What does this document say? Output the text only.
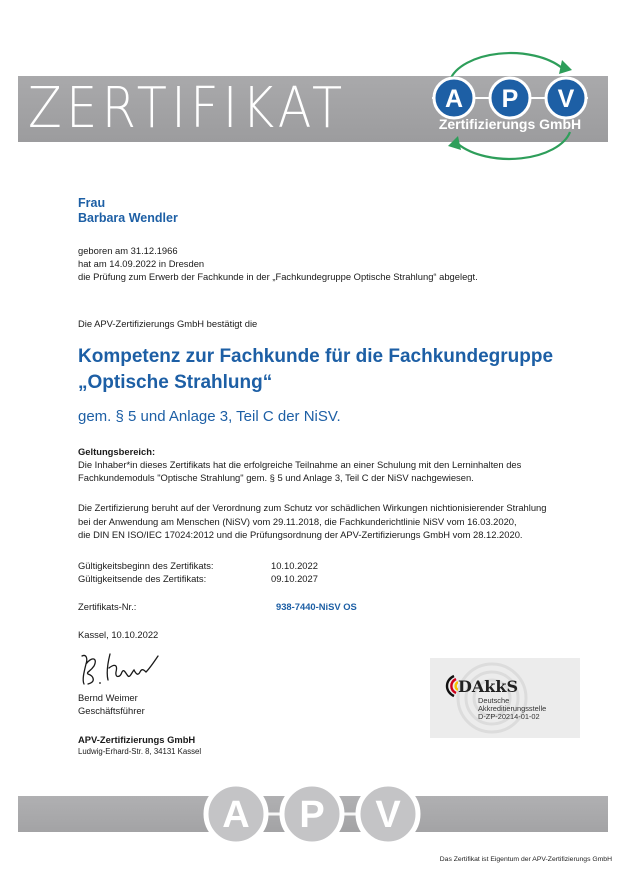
ZERTIFIKAT	A P V
Zertifizierungs GmbH
Frau
Barbara Wendler
geboren am 31.12.1966
hat am 14.09.2022 in Dresden
die Prüfung zum Erwerb der Fachkunde in der „Fachkundegruppe Optische Strahlung“ abgelegt.
Die APV-Zertifizierungs GmbH bestätigt die
Kompetenz zur Fachkunde für die Fachkundegruppe
„Optische Strahlung“
gem. § 5 und Anlage 3, Teil C der NiSV.
Geltungsbereich:
Die Inhaber*in dieses Zertifikats hat die erfolgreiche Teilnahme an einer Schulung mit den Lerninhalten des
Fachkundemoduls "Optische Strahlung" gem. § 5 und Anlage 3, Teil C der NiSV nachgewiesen.
Die Zertifizierung beruht auf der Verordnung zum Schutz vor schädlichen Wirkungen nichtionisierender Strahlung
bei der Anwendung am Menschen (NiSV) vom 29.11.2018, die Fachkunderichtlinie NiSV vom 16.03.2020,
die DIN EN ISO/IEC 17024:2012 und die Prüfungsordnung der APV-Zertifizierungs GmbH vom 28.12.2020.
Gültigkeitsbeginn des Zertifikats:	10.10.2022
Gültigkeitsende des Zertifikats:	09.10.2027
Zertifikats-Nr.:	938-7440-NiSV OS
Kassel, 10.10.2022
Bernd Weimer
Geschäftsführer
APV-Zertifizierungs GmbH
Ludwig-Erhard-Str. 8, 34131 Kassel
DAkkS
Deutsche
Akkreditierungsstelle
D-ZP-20214-01-02
A P V
Das Zertifikat ist Eigentum der APV-Zertifizierungs GmbH
